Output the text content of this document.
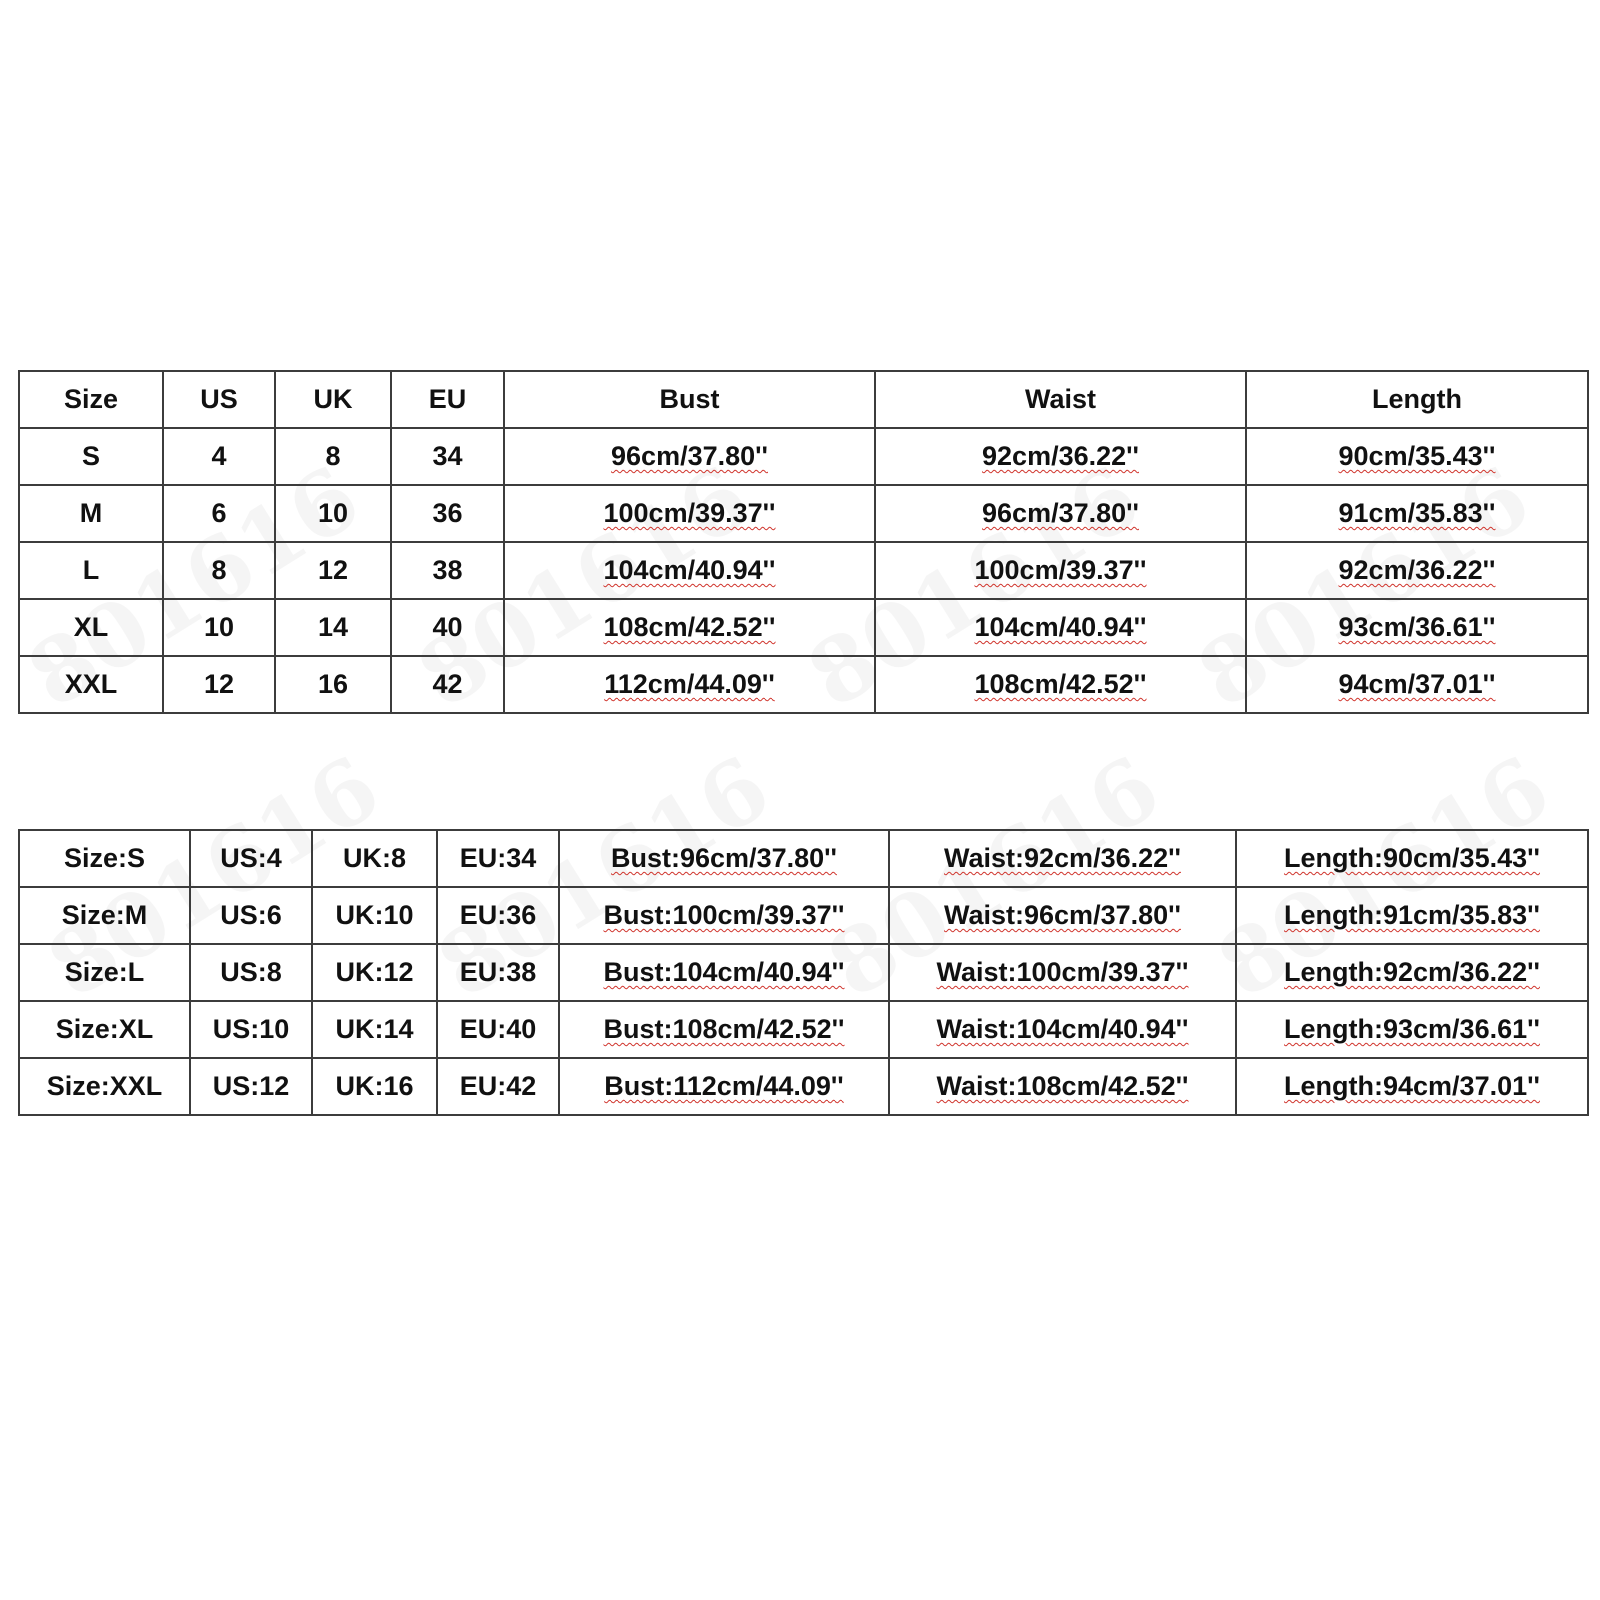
Size	US	UK	EU	Bust	Waist	Length
S	4	8	34	96cm/37.80''	92cm/36.22''	90cm/35.43''
M	6	10	36	100cm/39.37''	96cm/37.80''	91cm/35.83''
L	8	12	38	104cm/40.94''	100cm/39.37''	92cm/36.22''
XL	10	14	40	108cm/42.52''	104cm/40.94''	93cm/36.61''
XXL	12	16	42	112cm/44.09''	108cm/42.52''	94cm/37.01''
Size:S	US:4	UK:8	EU:34	Bust:96cm/37.80''	Waist:92cm/36.22''	Length:90cm/35.43''
Size:M	US:6	UK:10	EU:36	Bust:100cm/39.37''	Waist:96cm/37.80''	Length:91cm/35.83''
Size:L	US:8	UK:12	EU:38	Bust:104cm/40.94''	Waist:100cm/39.37''	Length:92cm/36.22''
Size:XL	US:10	UK:14	EU:40	Bust:108cm/42.52''	Waist:104cm/40.94''	Length:93cm/36.61''
Size:XXL	US:12	UK:16	EU:42	Bust:112cm/44.09''	Waist:108cm/42.52''	Length:94cm/37.01''
